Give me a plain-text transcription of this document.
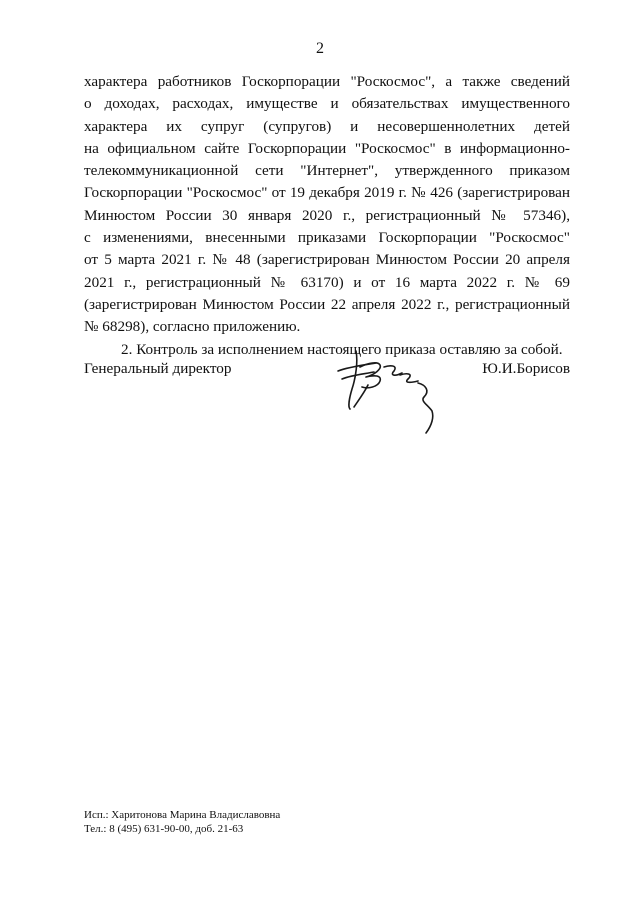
2
характера работников Госкорпорации "Роскосмос", а также сведений
о доходах, расходах, имуществе и обязательствах имущественного
характера их супруг (супругов) и несовершеннолетних детей
на официальном сайте Госкорпорации "Роскосмос" в информационно-
телекоммуникационной сети "Интернет", утвержденного приказом
Госкорпорации "Роскосмос" от 19 декабря 2019 г. № 426 (зарегистрирован
Минюстом России 30 января 2020 г., регистрационный № 57346),
с изменениями, внесенными приказами Госкорпорации "Роскосмос"
от 5 марта 2021 г. № 48 (зарегистрирован Минюстом России 20 апреля
2021 г., регистрационный № 63170) и от 16 марта 2022 г. № 69
(зарегистрирован Минюстом России 22 апреля 2022 г., регистрационный
№ 68298), согласно приложению.
2. Контроль за исполнением настоящего приказа оставляю за собой.
Генеральный директор	Ю.И.Борисов
Исп.: Харитонова Марина Владиславовна
Тел.: 8 (495) 631-90-00, доб. 21-63
